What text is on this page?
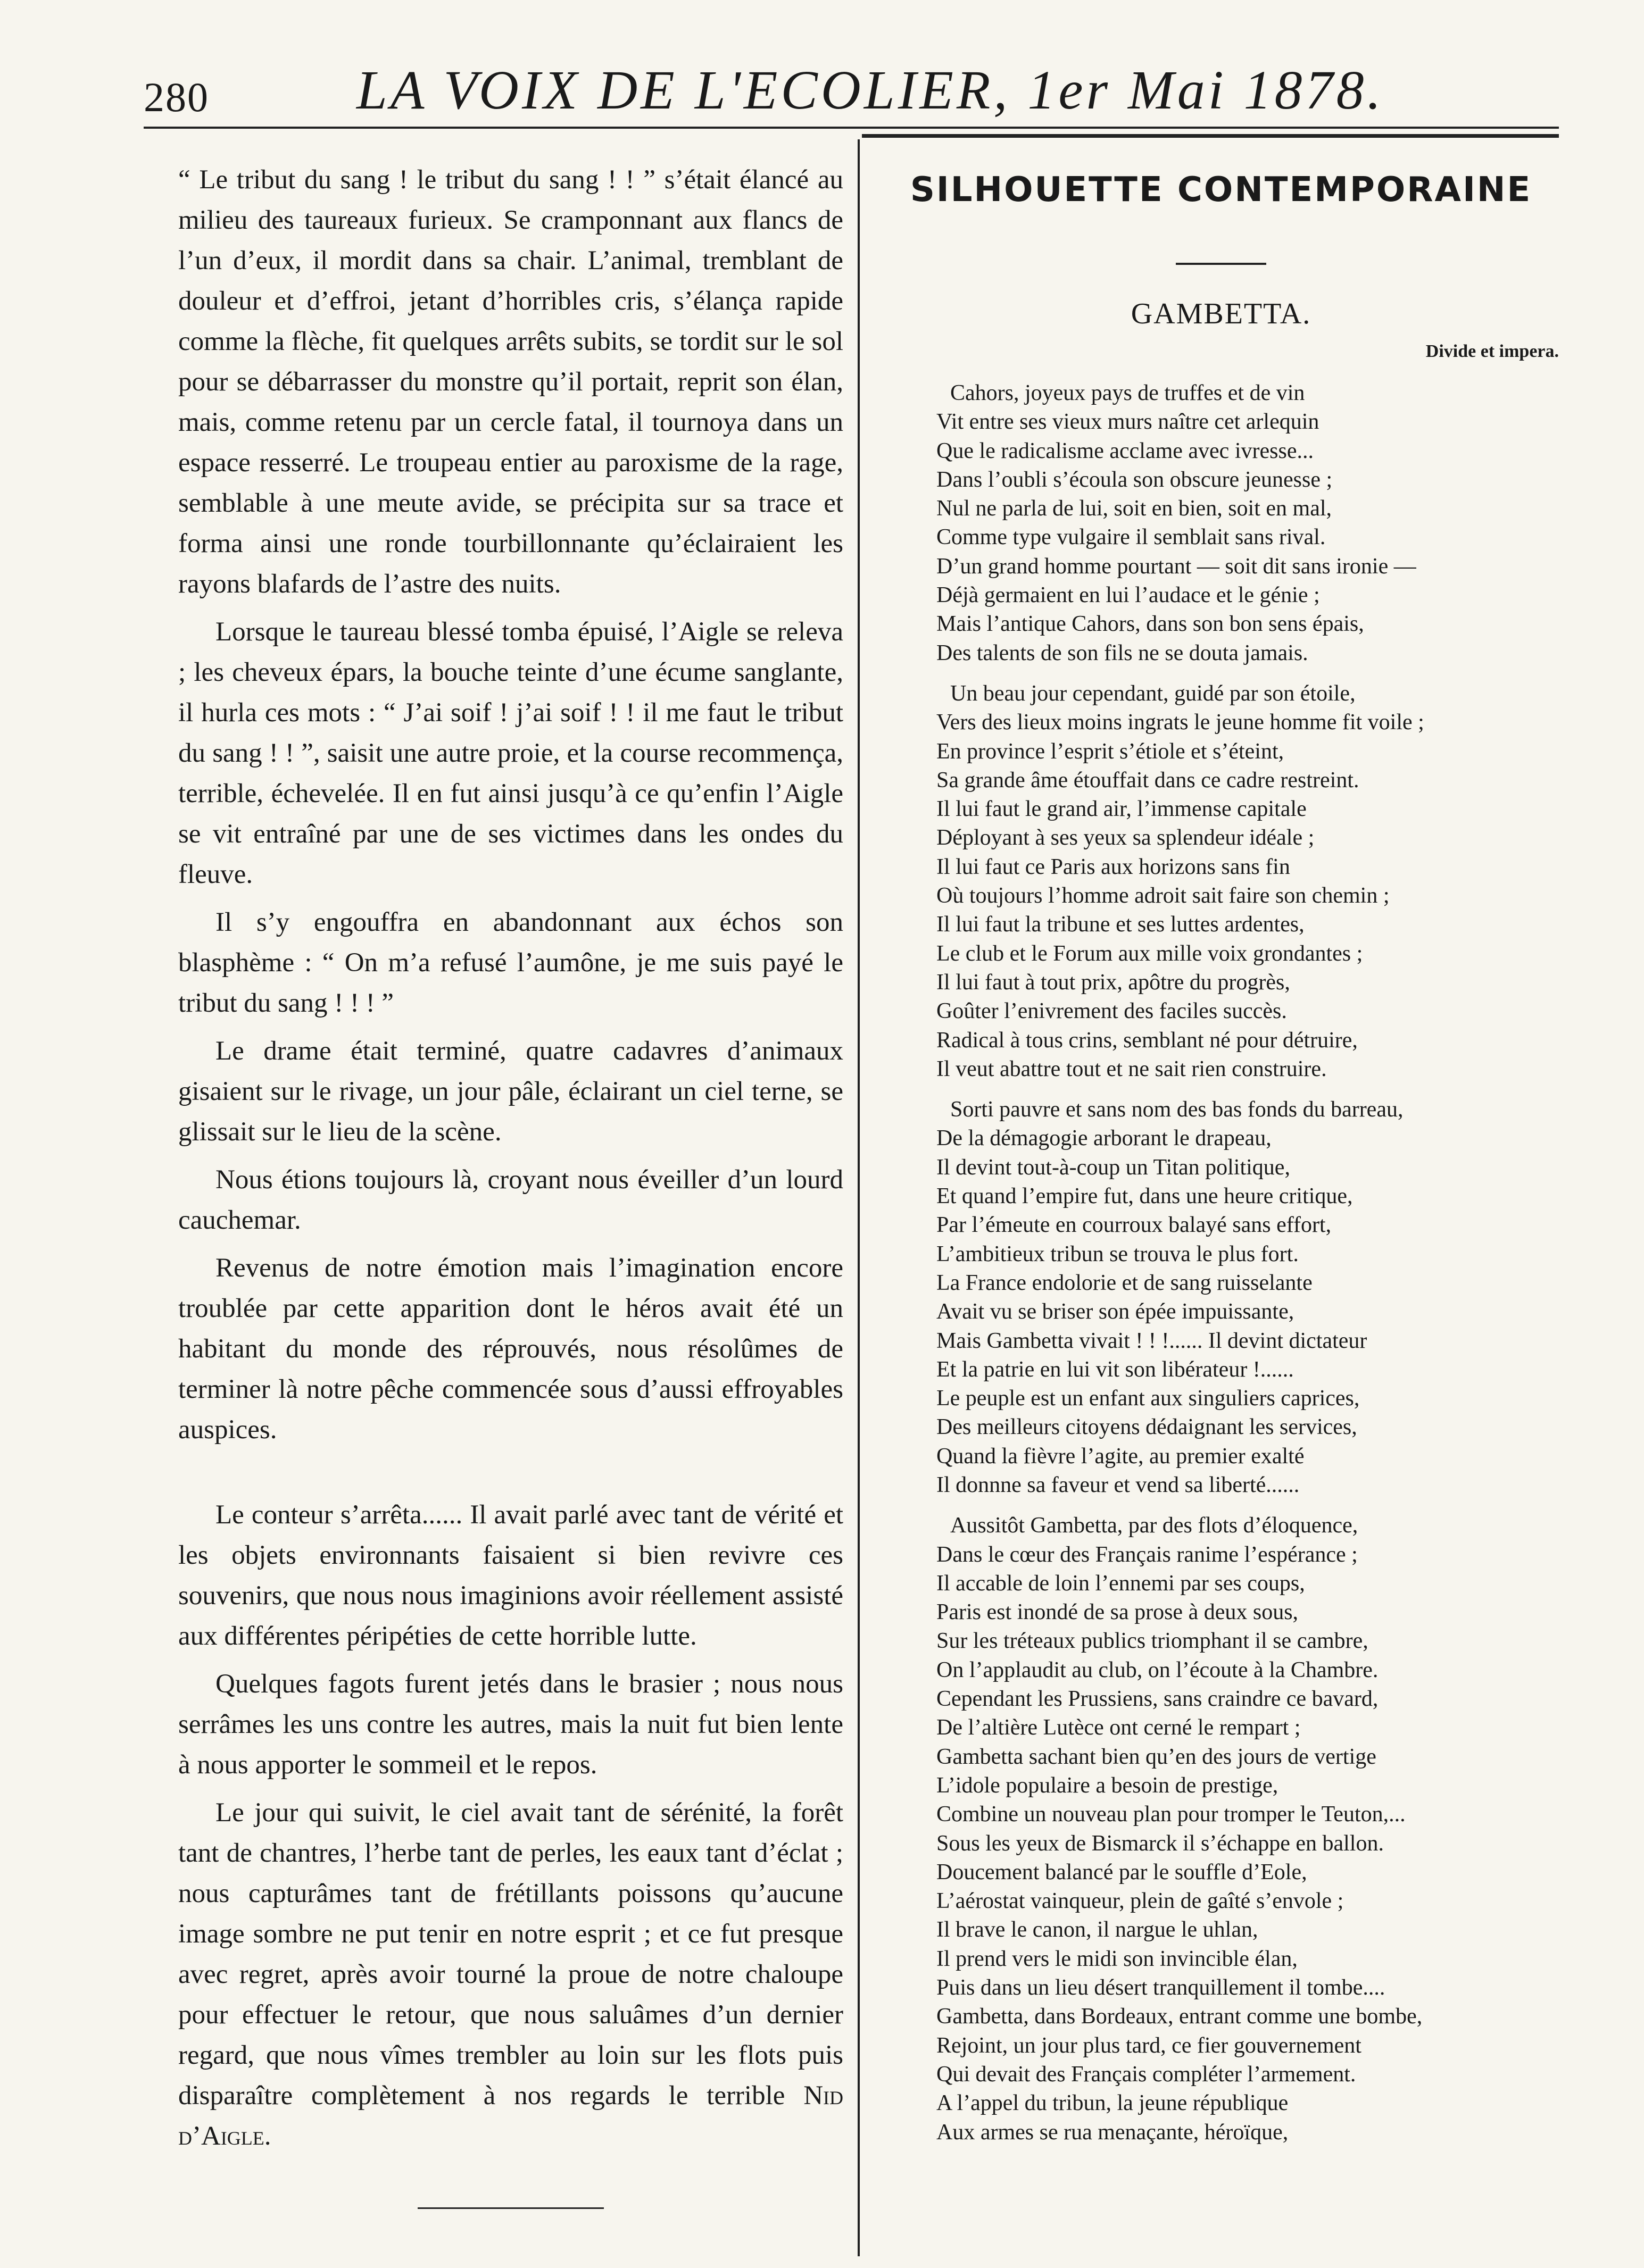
280	LA VOIX DE L'ECOLIER, 1er Mai 1878.

“ Le tribut du sang ! le tribut du sang ! ! ” s’était élancé au milieu des taureaux furieux. Se cramponnant aux flancs de l’un d’eux, il mordit dans sa chair. L’animal, tremblant de douleur et d’effroi, jetant d’horribles cris, s’élança rapide comme la flèche, fit quelques arrêts subits, se tordit sur le sol pour se débarrasser du monstre qu’il portait, reprit son élan, mais, comme retenu par un cercle fatal, il tournoya dans un espace resserré. Le troupeau entier au paroxisme de la rage, semblable à une meute avide, se précipita sur sa trace et forma ainsi une ronde tourbillonnante qu’éclairaient les rayons blafards de l’astre des nuits.

Lorsque le taureau blessé tomba épuisé, l’Aigle se releva ; les cheveux épars, la bouche teinte d’une écume sanglante, il hurla ces mots : “ J’ai soif ! j’ai soif ! ! il me faut le tribut du sang ! ! ”, saisit une autre proie, et la course recommença, terrible, échevelée. Il en fut ainsi jusqu’à ce qu’enfin l’Aigle se vit entraîné par une de ses victimes dans les ondes du fleuve.

Il s’y engouffra en abandonnant aux échos son blasphème : “ On m’a refusé l’aumône, je me suis payé le tribut du sang ! ! ! ”

Le drame était terminé, quatre cadavres d’animaux gisaient sur le rivage, un jour pâle, éclairant un ciel terne, se glissait sur le lieu de la scène.

Nous étions toujours là, croyant nous éveiller d’un lourd cauchemar.

Revenus de notre émotion mais l’imagination encore troublée par cette apparition dont le héros avait été un habitant du monde des réprouvés, nous résolûmes de terminer là notre pêche commencée sous d’aussi effroyables auspices.

Le conteur s’arrêta...... Il avait parlé avec tant de vérité et les objets environnants faisaient si bien revivre ces souvenirs, que nous nous imaginions avoir réellement assisté aux différentes péripéties de cette horrible lutte.

Quelques fagots furent jetés dans le brasier ; nous nous serrâmes les uns contre les autres, mais la nuit fut bien lente à nous apporter le sommeil et le repos.

Le jour qui suivit, le ciel avait tant de sérénité, la forêt tant de chantres, l’herbe tant de perles, les eaux tant d’éclat ; nous capturâmes tant de frétillants poissons qu’aucune image sombre ne put tenir en notre esprit ; et ce fut presque avec regret, après avoir tourné la proue de notre chaloupe pour effectuer le retour, que nous saluâmes d’un dernier regard, que nous vîmes trembler au loin sur les flots puis disparaître complètement à nos regards le terrible Nid d’Aigle.

SILHOUETTE CONTEMPORAINE
GAMBETTA.
Divide et impera.
Cahors, joyeux pays de truffes et de vin
Vit entre ses vieux murs naître cet arlequin
Que le radicalisme acclame avec ivresse...
Dans l’oubli s’écoula son obscure jeunesse ;
Nul ne parla de lui, soit en bien, soit en mal,
Comme type vulgaire il semblait sans rival.
D’un grand homme pourtant — soit dit sans ironie —
Déjà germaient en lui l’audace et le génie ;
Mais l’antique Cahors, dans son bon sens épais,
Des talents de son fils ne se douta jamais.
Un beau jour cependant, guidé par son étoile,
Vers des lieux moins ingrats le jeune homme fit voile ;
En province l’esprit s’étiole et s’éteint,
Sa grande âme étouffait dans ce cadre restreint.
Il lui faut le grand air, l’immense capitale
Déployant à ses yeux sa splendeur idéale ;
Il lui faut ce Paris aux horizons sans fin
Où toujours l’homme adroit sait faire son chemin ;
Il lui faut la tribune et ses luttes ardentes,
Le club et le Forum aux mille voix grondantes ;
Il lui faut à tout prix, apôtre du progrès,
Goûter l’enivrement des faciles succès.
Radical à tous crins, semblant né pour détruire,
Il veut abattre tout et ne sait rien construire.
Sorti pauvre et sans nom des bas fonds du barreau,
De la démagogie arborant le drapeau,
Il devint tout-à-coup un Titan politique,
Et quand l’empire fut, dans une heure critique,
Par l’émeute en courroux balayé sans effort,
L’ambitieux tribun se trouva le plus fort.
La France endolorie et de sang ruisselante
Avait vu se briser son épée impuissante,
Mais Gambetta vivait ! ! !...... Il devint dictateur
Et la patrie en lui vit son libérateur !......
Le peuple est un enfant aux singuliers caprices,
Des meilleurs citoyens dédaignant les services,
Quand la fièvre l’agite, au premier exalté
Il donnne sa faveur et vend sa liberté......
Aussitôt Gambetta, par des flots d’éloquence,
Dans le cœur des Français ranime l’espérance ;
Il accable de loin l’ennemi par ses coups,
Paris est inondé de sa prose à deux sous,
Sur les tréteaux publics triomphant il se cambre,
On l’applaudit au club, on l’écoute à la Chambre.
Cependant les Prussiens, sans craindre ce bavard,
De l’altière Lutèce ont cerné le rempart ;
Gambetta sachant bien qu’en des jours de vertige
L’idole populaire a besoin de prestige,
Combine un nouveau plan pour tromper le Teuton,...
Sous les yeux de Bismarck il s’échappe en ballon.
Doucement balancé par le souffle d’Eole,
L’aérostat vainqueur, plein de gaîté s’envole ;
Il brave le canon, il nargue le uhlan,
Il prend vers le midi son invincible élan,
Puis dans un lieu désert tranquillement il tombe....
Gambetta, dans Bordeaux, entrant comme une bombe,
Rejoint, un jour plus tard, ce fier gouvernement
Qui devait des Français compléter l’armement.
A l’appel du tribun, la jeune république
Aux armes se rua menaçante, héroïque,
